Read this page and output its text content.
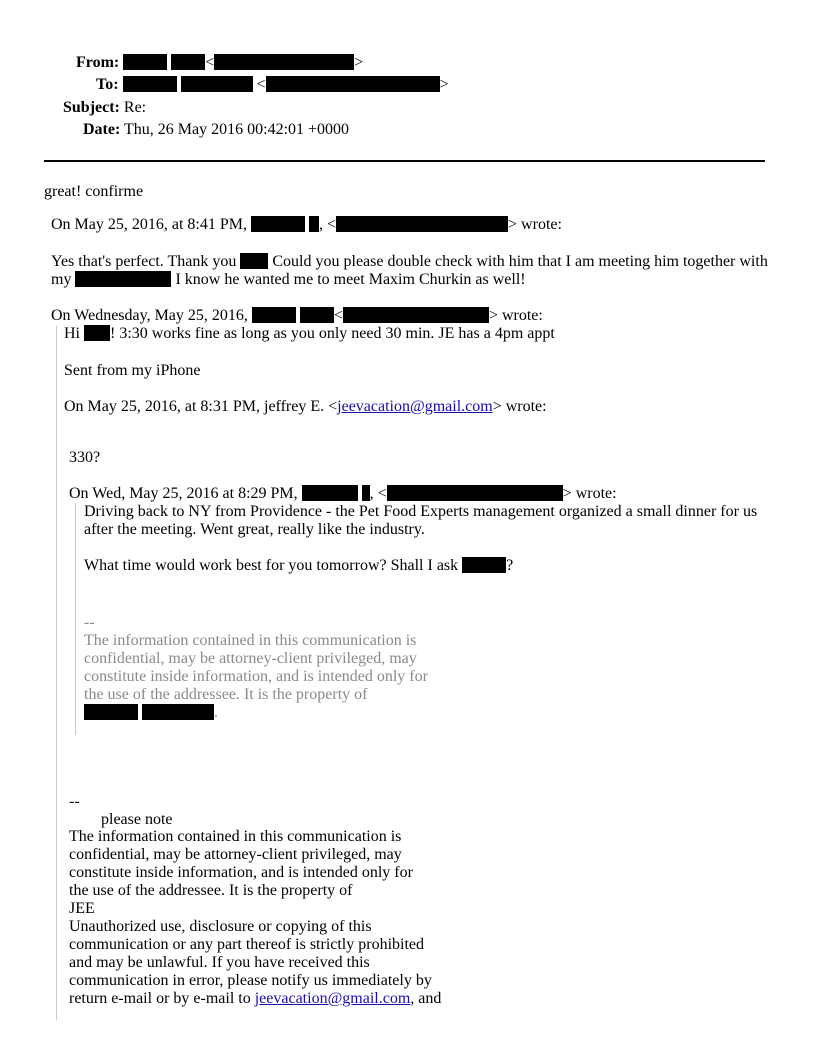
From:	<	>
To:	<	>
Subject: Re:
Date: Thu, 26 May 2016 00:42:01 +0000
great! confirme
On May 25, 2016, at 8:41 PM,	, <	> wrote:
Yes that's perfect. Thank you Could you please double check with him that I am meeting him together with
my	I know he wanted me to meet Maxim Churkin as well!
On Wednesday, May 25, 2016,	<	> wrote:
Hi ! 3:30 works fine as long as you only need 30 min. JE has a 4pm appt
Sent from my iPhone
On May 25, 2016, at 8:31 PM, jeffrey E. <jeevacation@gmail.com> wrote:
330?
On Wed, May 25, 2016 at 8:29 PM,	, <	> wrote:
Driving back to NY from Providence - the Pet Food Experts management organized a small dinner for us
after the meeting. Went great, really like the industry.
What time would work best for you tomorrow? Shall I ask	?
--
The information contained in this communication is
confidential, may be attorney-client privileged, may
constitute inside information, and is intended only for
the use of the addressee. It is the property of
.
--
please note
The information contained in this communication is
confidential, may be attorney-client privileged, may
constitute inside information, and is intended only for
the use of the addressee. It is the property of
JEE
Unauthorized use, disclosure or copying of this
communication or any part thereof is strictly prohibited
and may be unlawful. If you have received this
communication in error, please notify us immediately by
return e-mail or by e-mail to jeevacation@gmail.com, and
